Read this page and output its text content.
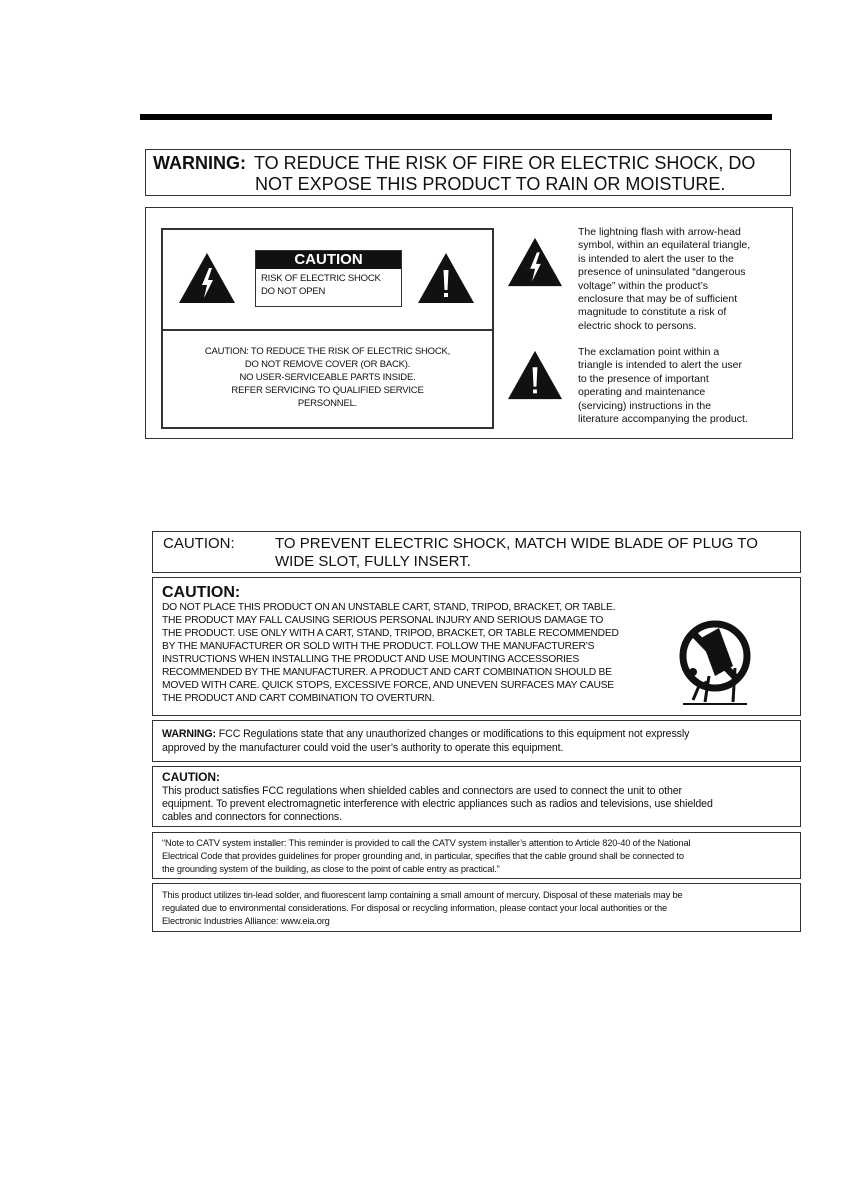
WARNING: TO REDUCE THE RISK OF FIRE OR ELECTRIC SHOCK, DO
NOT EXPOSE THIS PRODUCT TO RAIN OR MOISTURE.
CAUTION
RISK OF ELECTRIC SHOCK
DO NOT OPEN
CAUTION: TO REDUCE THE RISK OF ELECTRIC SHOCK,
DO NOT REMOVE COVER (OR BACK).
NO USER-SERVICEABLE PARTS INSIDE.
REFER SERVICING TO QUALIFIED SERVICE
PERSONNEL.
The lightning flash with arrow-head
symbol, within an equilateral triangle,
is intended to alert the user to the
presence of uninsulated “dangerous
voltage” within the product’s
enclosure that may be of sufficient
magnitude to constitute a risk of
electric shock to persons.
The exclamation point within a
triangle is intended to alert the user
to the presence of important
operating and maintenance
(servicing) instructions in the
literature accompanying the product.
CAUTION:	TO PREVENT ELECTRIC SHOCK, MATCH WIDE BLADE OF PLUG TO
WIDE SLOT, FULLY INSERT.
CAUTION:
DO NOT PLACE THIS PRODUCT ON AN UNSTABLE CART, STAND, TRIPOD, BRACKET, OR TABLE.
THE PRODUCT MAY FALL CAUSING SERIOUS PERSONAL INJURY AND SERIOUS DAMAGE TO
THE PRODUCT. USE ONLY WITH A CART, STAND, TRIPOD, BRACKET, OR TABLE RECOMMENDED
BY THE MANUFACTURER OR SOLD WITH THE PRODUCT. FOLLOW THE MANUFACTURER’S
INSTRUCTIONS WHEN INSTALLING THE PRODUCT AND USE MOUNTING ACCESSORIES
RECOMMENDED BY THE MANUFACTURER. A PRODUCT AND CART COMBINATION SHOULD BE
MOVED WITH CARE. QUICK STOPS, EXCESSIVE FORCE, AND UNEVEN SURFACES MAY CAUSE
THE PRODUCT AND CART COMBINATION TO OVERTURN.
WARNING: FCC Regulations state that any unauthorized changes or modifications to this equipment not expressly
approved by the manufacturer could void the user’s authority to operate this equipment.
CAUTION:
This product satisfies FCC regulations when shielded cables and connectors are used to connect the unit to other
equipment. To prevent electromagnetic interference with electric appliances such as radios and televisions, use shielded
cables and connectors for connections.
“Note to CATV system installer: This reminder is provided to call the CATV system installer’s attention to Article 820-40 of the National
Electrical Code that provides guidelines for proper grounding and, in particular, specifies that the cable ground shall be connected to
the grounding system of the building, as close to the point of cable entry as practical.”
This product utilizes tin-lead solder, and fluorescent lamp containing a small amount of mercury. Disposal of these materials may be
regulated due to environmental considerations. For disposal or recycling information, please contact your local authorities or the
Electronic Industries Alliance: www.eia.org
